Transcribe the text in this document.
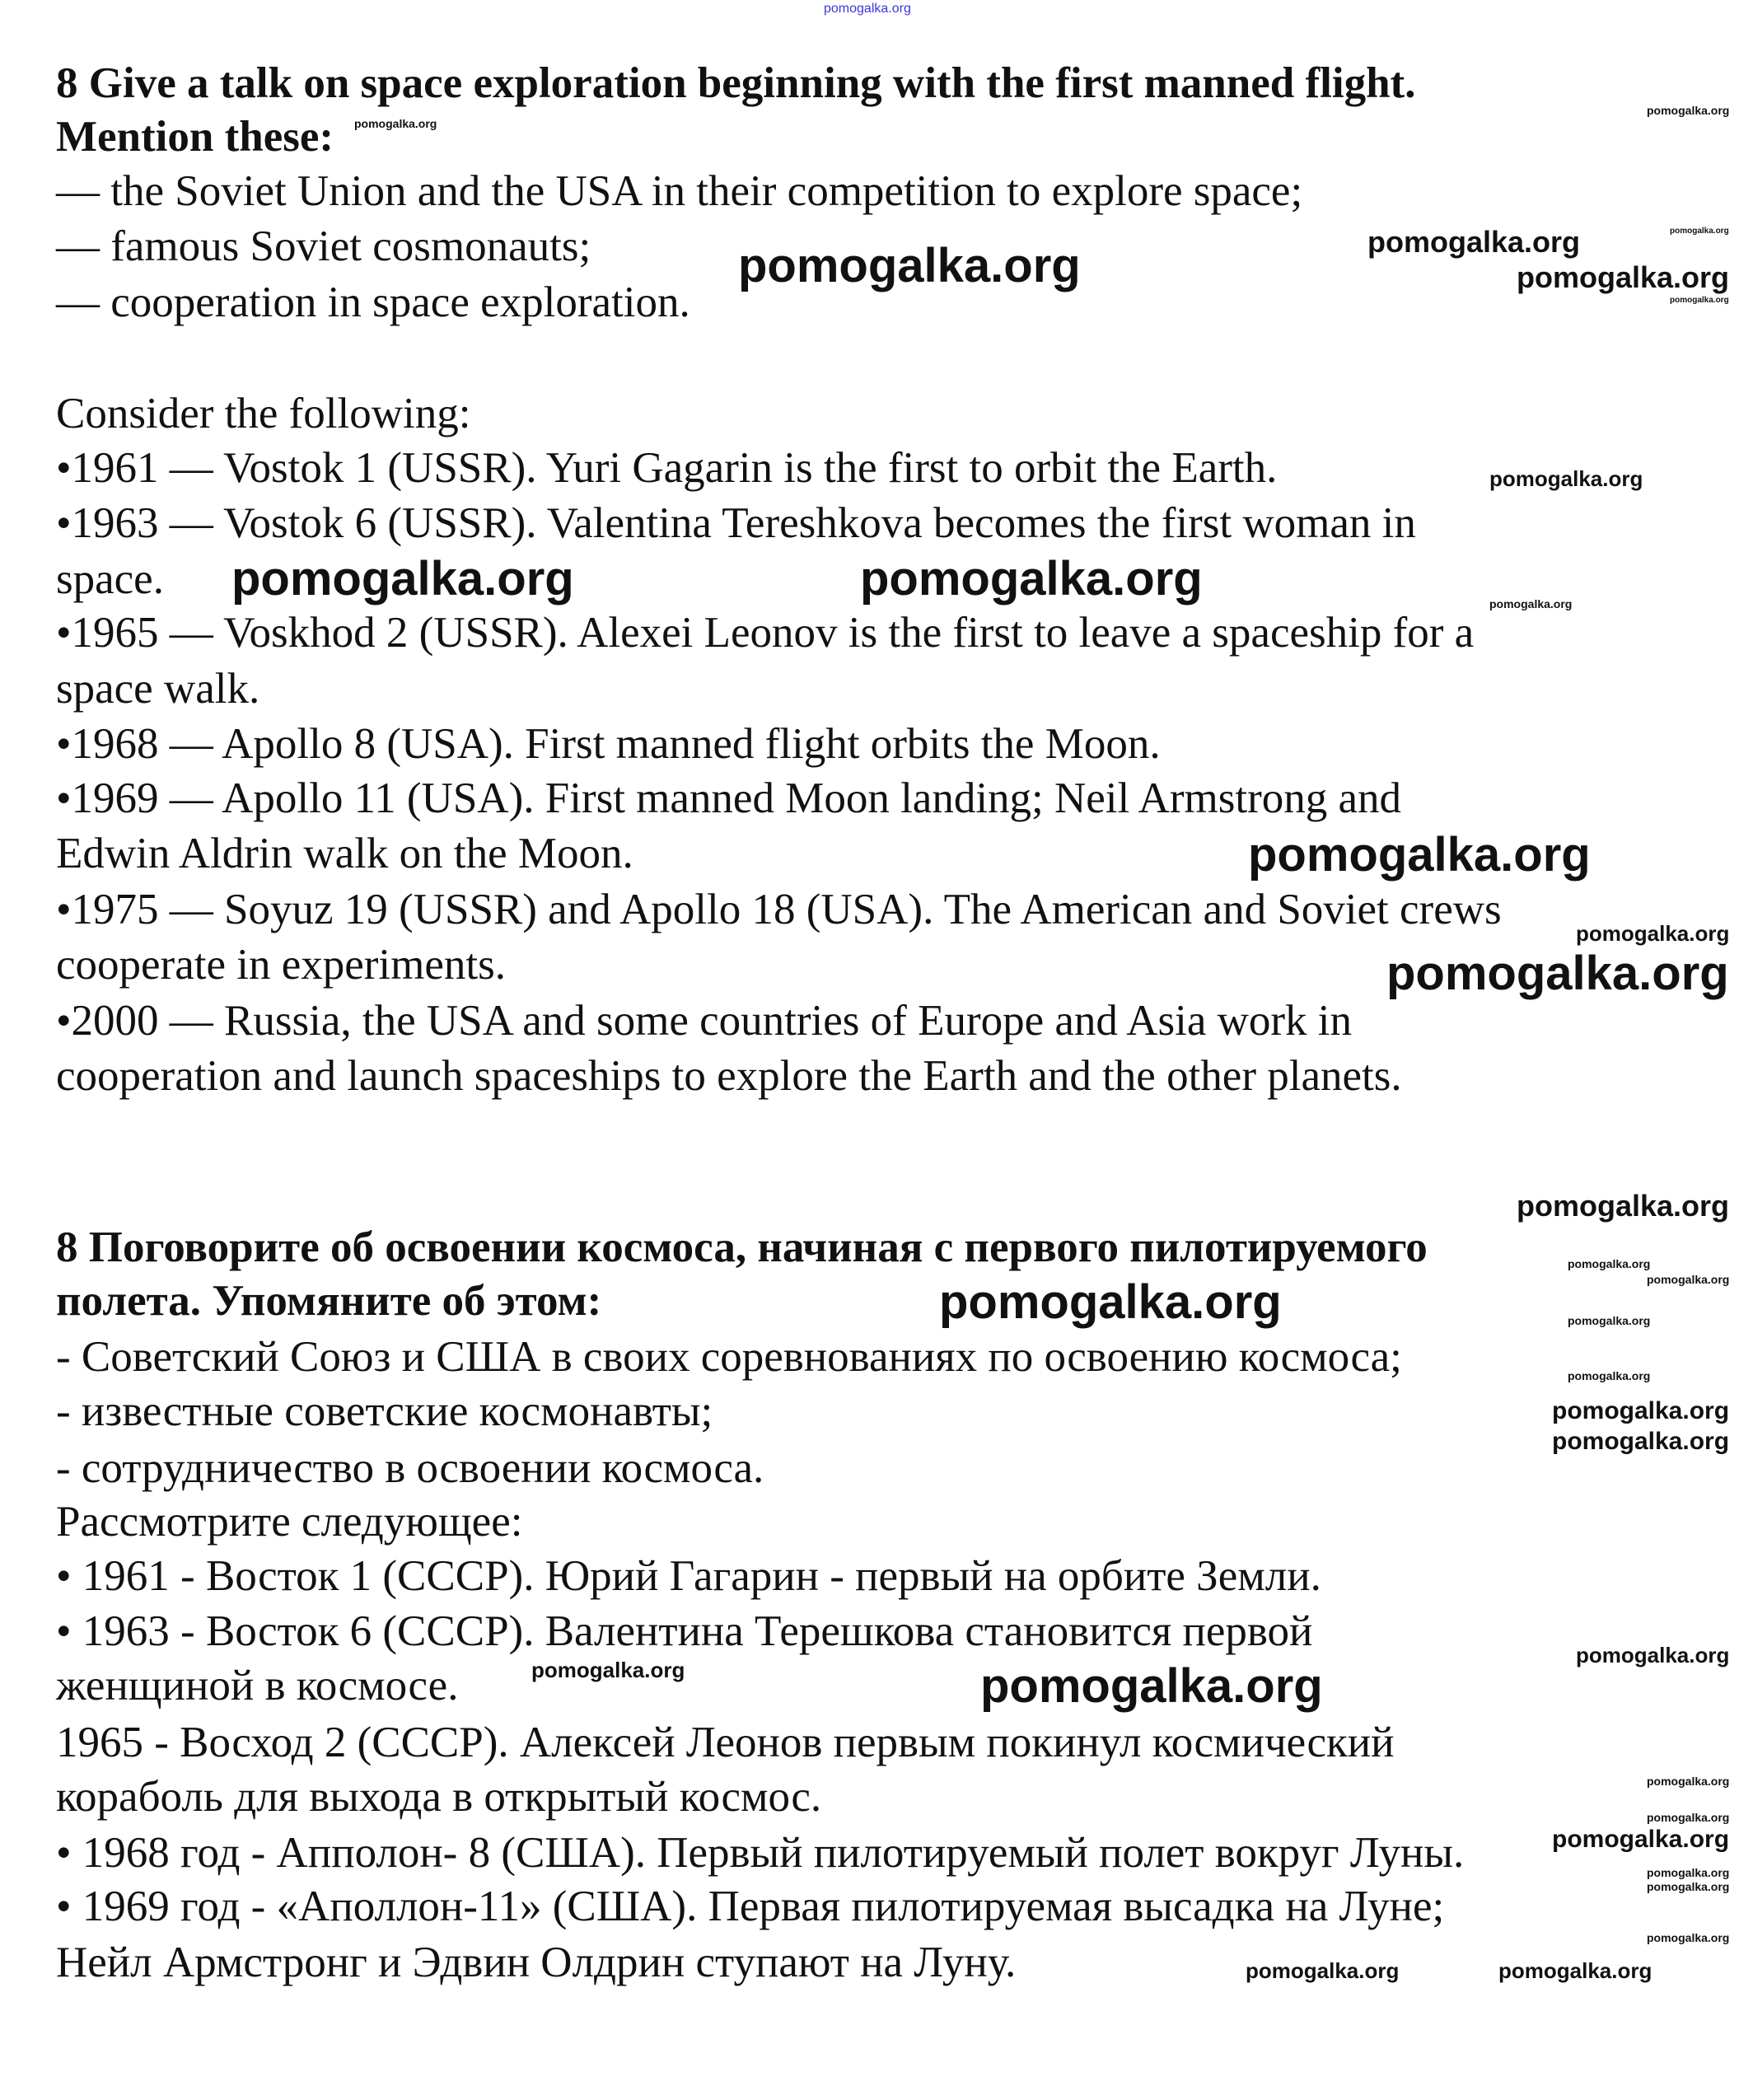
pomogalka.org
8 Give a talk on space exploration beginning with the first manned flight.
Mention these:
— the Soviet Union and the USA in their competition to explore space;
— famous Soviet cosmonauts;
— cooperation in space exploration.
Consider the following:
•1961 — Vostok 1 (USSR). Yuri Gagarin is the first to orbit the Earth.
•1963 — Vostok 6 (USSR). Valentina Tereshkova becomes the first woman in
space.
•1965 — Voskhod 2 (USSR). Alexei Leonov is the first to leave a spaceship for a
space walk.
•1968 — Apollo 8 (USA). First manned flight orbits the Moon.
•1969 — Apollo 11 (USA). First manned Moon landing; Neil Armstrong and
Edwin Aldrin walk on the Moon.
•1975 — Soyuz 19 (USSR) and Apollo 18 (USA). The American and Soviet crews
cooperate in experiments.
•2000 — Russia, the USA and some countries of Europe and Asia work in
cooperation and launch spaceships to explore the Earth and the other planets.
8 Поговорите об освоении космоса, начиная с первого пилотируемого
полета. Упомяните об этом:
- Советский Союз и США в своих соревнованиях по освоению космоса;
- известные советские космонавты;
- сотрудничество в освоении космоса.
Рассмотрите следующее:
• 1961 - Восток 1 (СССР). Юрий Гагарин - первый на орбите Земли.
• 1963 - Восток 6 (СССР). Валентина Терешкова становится первой
женщиной в космосе.
1965 - Восход 2 (СССР). Алексей Леонов первым покинул космический
кораболь для выхода в открытый космос.
• 1968 год - Апполон- 8 (США). Первый пилотируемый полет вокруг Луны.
• 1969 год - «Аполлон-11» (США). Первая пилотируемая высадка на Луне;
Нейл Армстронг и Эдвин Олдрин ступают на Луну.
pomogalka.org
pomogalka.org
pomogalka.org
pomogalka.org
pomogalka.org	pomogalka.org
pomogalka.org
pomogalka.org
pomogalka.org	pomogalka.org	pomogalka.org
pomogalka.org
pomogalka.org
pomogalka.org
pomogalka.org
pomogalka.org
pomogalka.org
pomogalka.org	pomogalka.org
pomogalka.org
pomogalka.org
pomogalka.org
pomogalka.org
pomogalka.org	pomogalka.org
pomogalka.org
pomogalka.org
pomogalka.org
pomogalka.org
pomogalka.org
pomogalka.org
pomogalka.org	pomogalka.org
